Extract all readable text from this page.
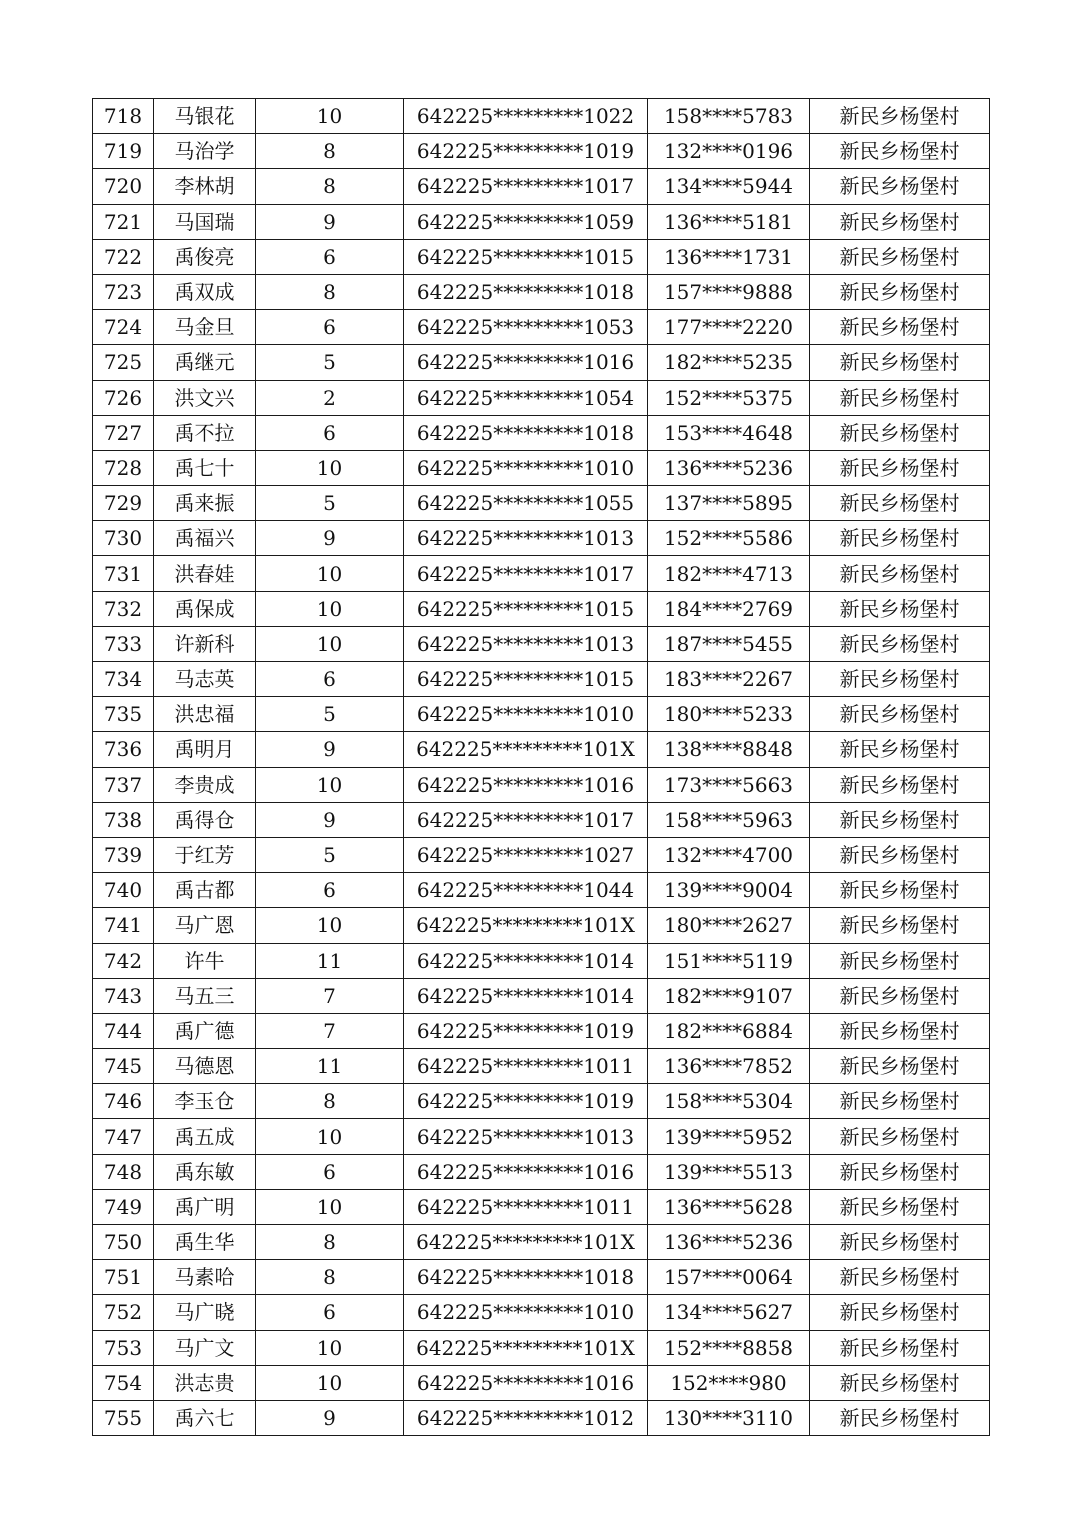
718	马银花	10	642225*********1022	158****5783	新民乡杨堡村
719	马治学	8	642225*********1019	132****0196	新民乡杨堡村
720	李林胡	8	642225*********1017	134****5944	新民乡杨堡村
721	马国瑞	9	642225*********1059	136****5181	新民乡杨堡村
722	禹俊亮	6	642225*********1015	136****1731	新民乡杨堡村
723	禹双成	8	642225*********1018	157****9888	新民乡杨堡村
724	马金旦	6	642225*********1053	177****2220	新民乡杨堡村
725	禹继元	5	642225*********1016	182****5235	新民乡杨堡村
726	洪文兴	2	642225*********1054	152****5375	新民乡杨堡村
727	禹不拉	6	642225*********1018	153****4648	新民乡杨堡村
728	禹七十	10	642225*********1010	136****5236	新民乡杨堡村
729	禹来振	5	642225*********1055	137****5895	新民乡杨堡村
730	禹福兴	9	642225*********1013	152****5586	新民乡杨堡村
731	洪春娃	10	642225*********1017	182****4713	新民乡杨堡村
732	禹保成	10	642225*********1015	184****2769	新民乡杨堡村
733	许新科	10	642225*********1013	187****5455	新民乡杨堡村
734	马志英	6	642225*********1015	183****2267	新民乡杨堡村
735	洪忠福	5	642225*********1010	180****5233	新民乡杨堡村
736	禹明月	9	642225*********101X	138****8848	新民乡杨堡村
737	李贵成	10	642225*********1016	173****5663	新民乡杨堡村
738	禹得仓	9	642225*********1017	158****5963	新民乡杨堡村
739	于红芳	5	642225*********1027	132****4700	新民乡杨堡村
740	禹古都	6	642225*********1044	139****9004	新民乡杨堡村
741	马广恩	10	642225*********101X	180****2627	新民乡杨堡村
742	许牛	11	642225*********1014	151****5119	新民乡杨堡村
743	马五三	7	642225*********1014	182****9107	新民乡杨堡村
744	禹广德	7	642225*********1019	182****6884	新民乡杨堡村
745	马德恩	11	642225*********1011	136****7852	新民乡杨堡村
746	李玉仓	8	642225*********1019	158****5304	新民乡杨堡村
747	禹五成	10	642225*********1013	139****5952	新民乡杨堡村
748	禹东敏	6	642225*********1016	139****5513	新民乡杨堡村
749	禹广明	10	642225*********1011	136****5628	新民乡杨堡村
750	禹生华	8	642225*********101X	136****5236	新民乡杨堡村
751	马素哈	8	642225*********1018	157****0064	新民乡杨堡村
752	马广晓	6	642225*********1010	134****5627	新民乡杨堡村
753	马广文	10	642225*********101X	152****8858	新民乡杨堡村
754	洪志贵	10	642225*********1016	152****980	新民乡杨堡村
755	禹六七	9	642225*********1012	130****3110	新民乡杨堡村
